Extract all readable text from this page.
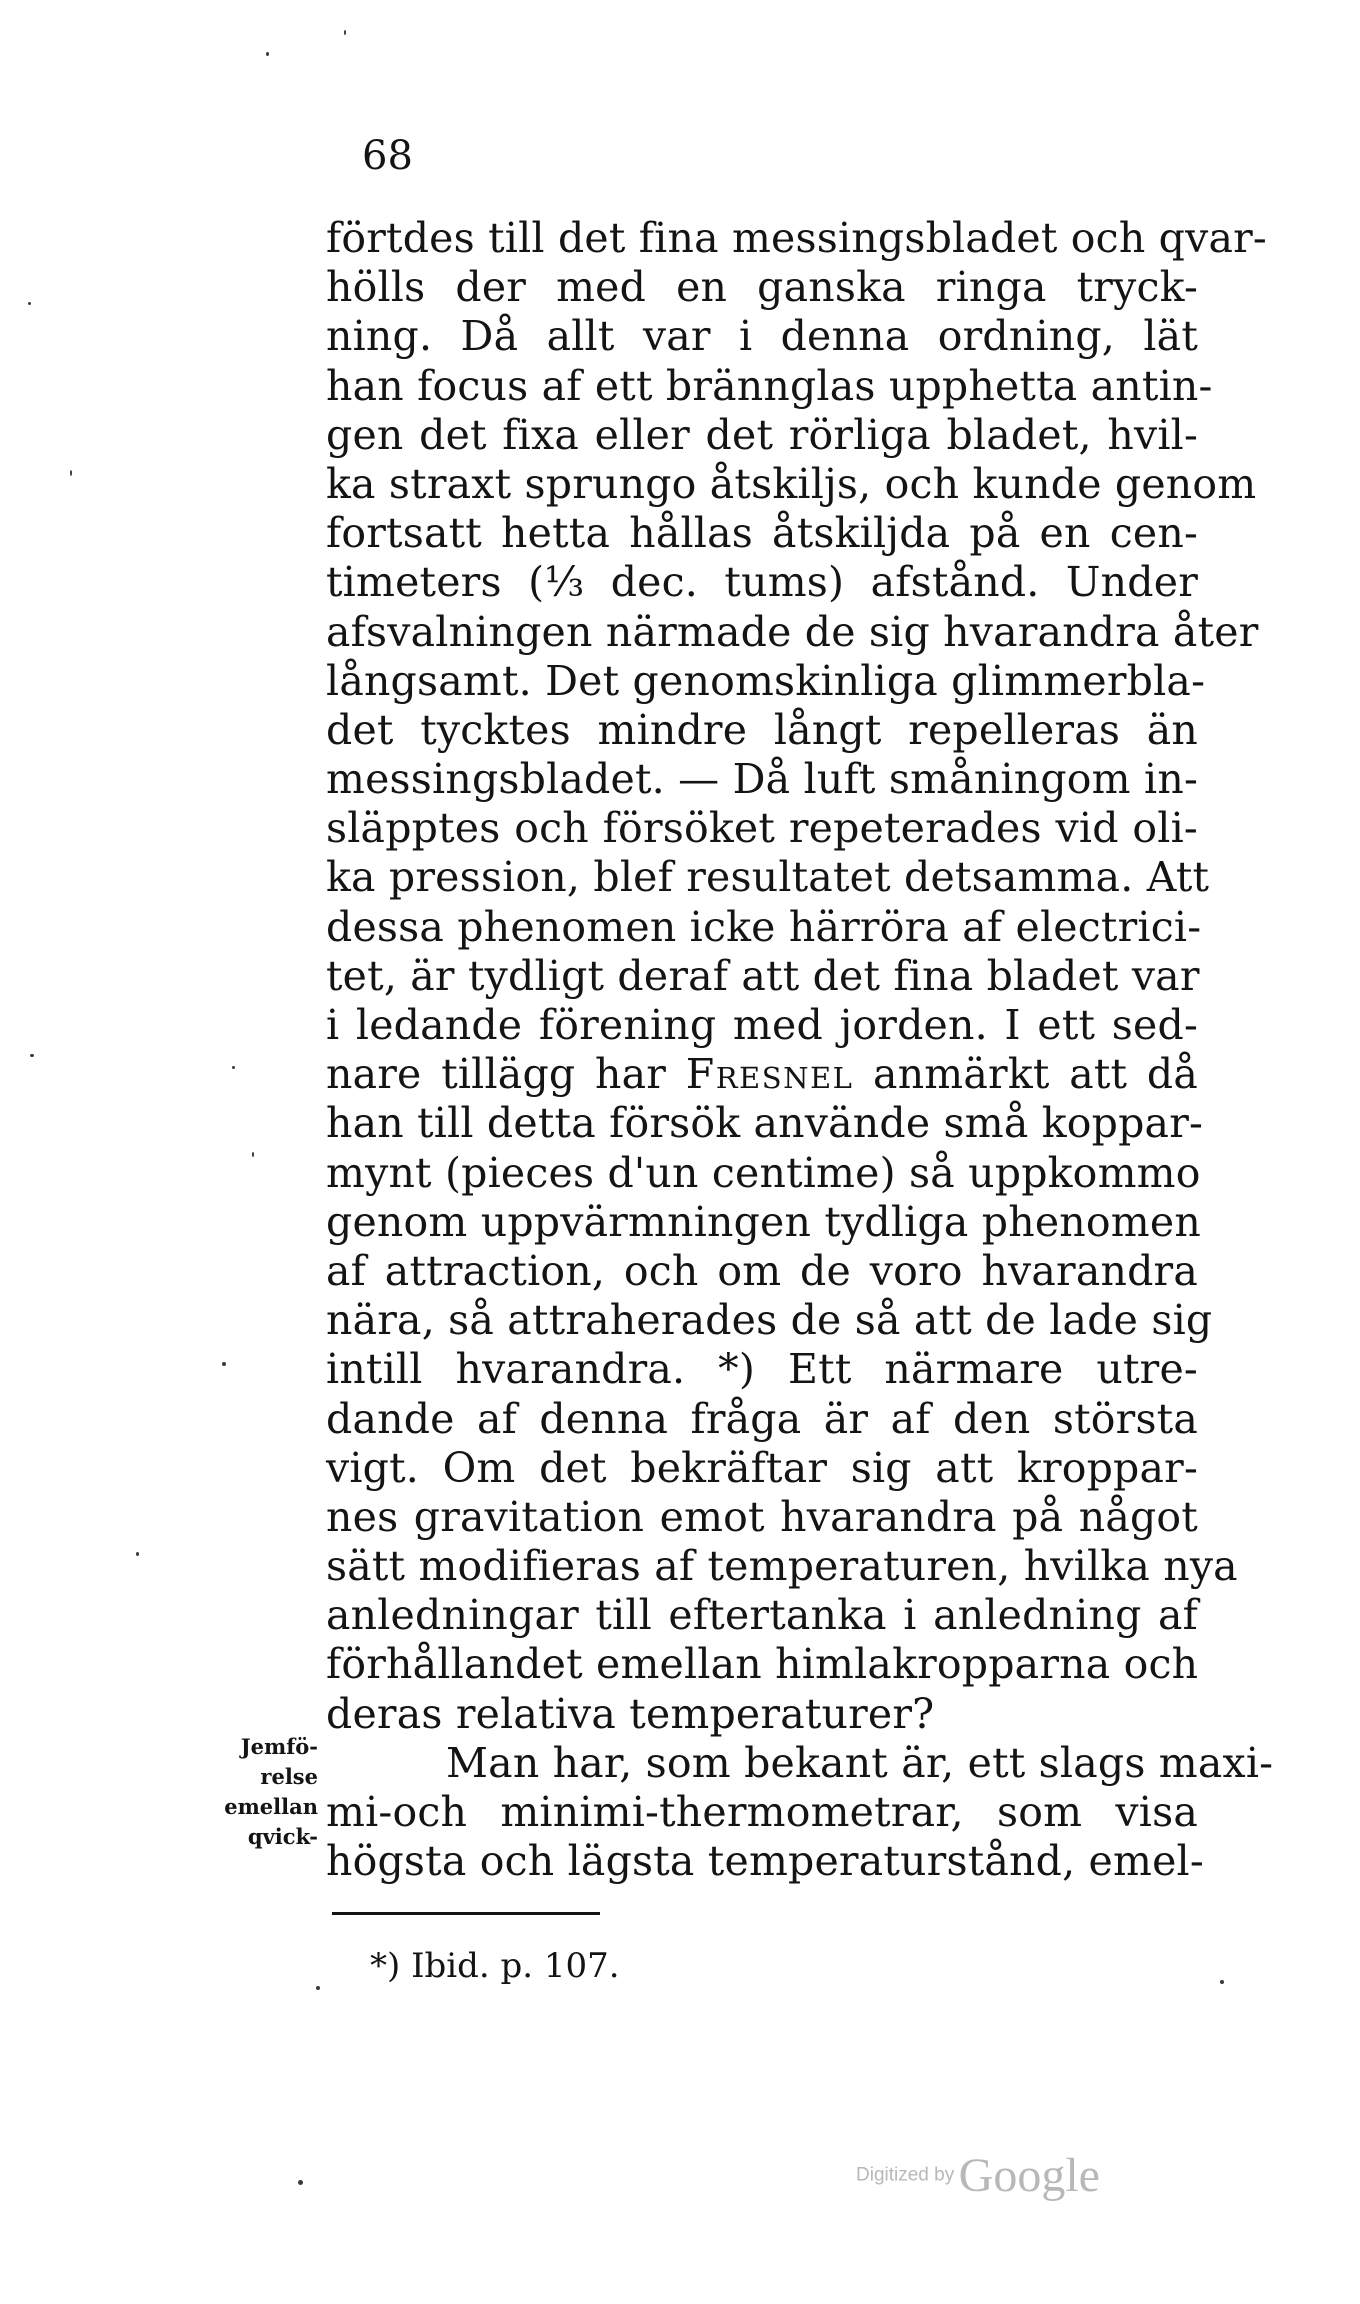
68
förtdes till det fina messingsbladet och qvar-
hölls der med en ganska ringa tryck-
ning. Då allt var i denna ordning, lät
han focus af ett brännglas upphetta antin-
gen det fixa eller det rörliga bladet, hvil-
ka straxt sprungo åtskiljs, och kunde genom
fortsatt hetta hållas åtskiljda på en cen-
timeters (⅓ dec. tums) afstånd. Under
afsvalningen närmade de sig hvarandra åter
långsamt. Det genomskinliga glimmerbla-
det tycktes mindre långt repelleras än
messingsbladet. — Då luft småningom in-
släpptes och försöket repeterades vid oli-
ka pression, blef resultatet detsamma. Att
dessa phenomen icke härröra af electrici-
tet, är tydligt deraf att det fina bladet var
i ledande förening med jorden. I ett sed-
nare tillägg har Fresnel anmärkt att då
han till detta försök använde små koppar-
mynt (pieces d'un centime) så uppkommo
genom uppvärmningen tydliga phenomen
af attraction, och om de voro hvarandra
nära, så attraherades de så att de lade sig
intill hvarandra. *) Ett närmare utre-
dande af denna fråga är af den största
vigt. Om det bekräftar sig att kroppar-
nes gravitation emot hvarandra på något
sätt modifieras af temperaturen, hvilka nya
anledningar till eftertanka i anledning af
förhållandet emellan himlakropparna och
deras relativa temperaturer?
Man har, som bekant är, ett slags maxi-
mi-och minimi-thermometrar, som visa
högsta och lägsta temperaturstånd, emel-
Jemfö-
relse
emellan
qvick-
*) Ibid. p. 107.
Digitized by Google
